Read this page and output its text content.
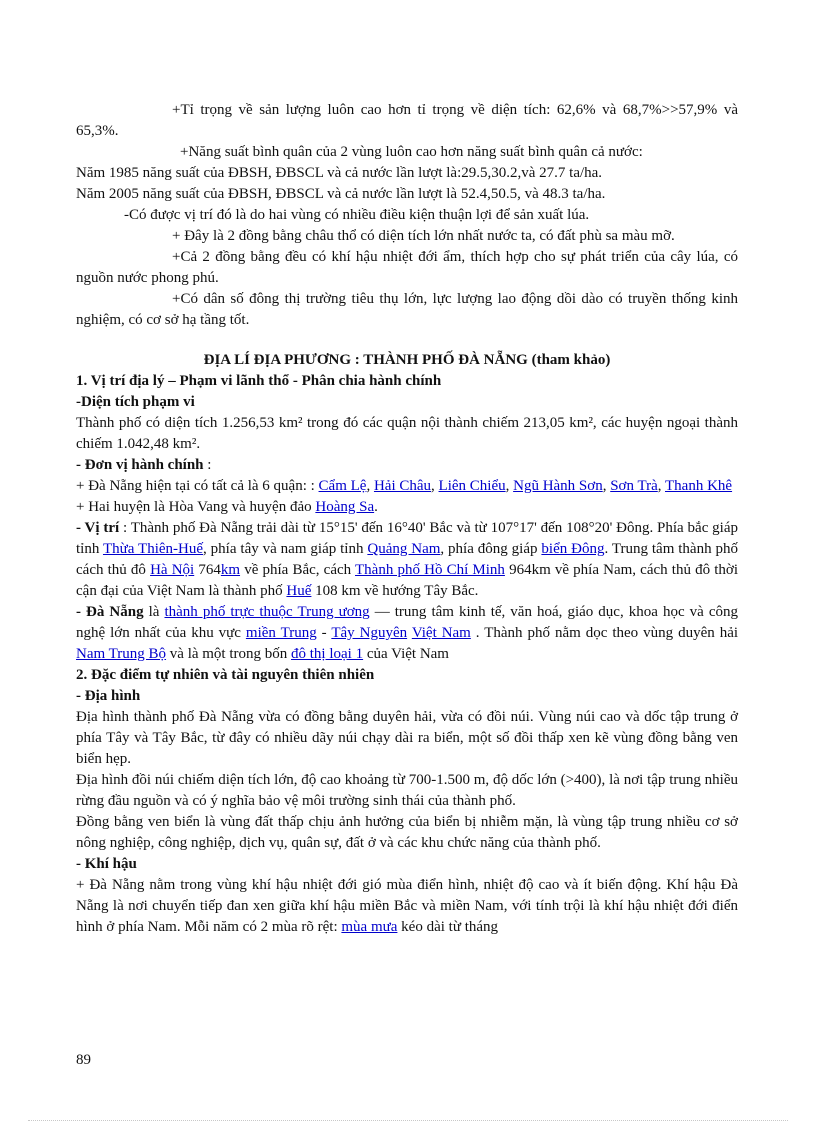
+Tỉ trọng về sản lượng luôn cao hơn tỉ trọng về diện tích: 62,6% và 68,7%>>57,9% và 65,3%.

+Năng suất bình quân của 2 vùng luôn cao hơn năng suất bình quân cả nước:

Năm 1985 năng suất của ĐBSH, ĐBSCL và cả nước lần lượt là:29.5,30.2,và 27.7 ta/ha.

Năm 2005 năng suất của ĐBSH, ĐBSCL và cả nước lần lượt là 52.4,50.5, và 48.3 ta/ha.

-Có được vị trí đó là do hai vùng có nhiều điều kiện thuận lợi để sản xuất lúa.

+ Đây là 2 đồng bằng châu thổ có diện tích lớn nhất nước ta, có đất phù sa màu mỡ.

+Cả 2 đồng bằng đều có khí hậu nhiệt đới ẩm, thích hợp cho sự phát triển của cây lúa, có nguồn nước phong phú.

+Có dân số đông thị trường tiêu thụ lớn, lực lượng lao động dồi dào có truyền thống kinh nghiệm, có cơ sở hạ tầng tốt.

ĐỊA LÍ ĐỊA PHƯƠNG : THÀNH PHỐ ĐÀ NẴNG (tham khảo)

1. Vị trí địa lý – Phạm vi lãnh thổ - Phân chia hành chính

-Diện tích phạm vi

Thành phố có diện tích 1.256,53 km² trong đó các quận nội thành chiếm 213,05 km², các huyện ngoại thành chiếm 1.042,48 km².

- Đơn vị hành chính :

+ Đà Nẵng hiện tại có tất cả là 6 quận: : Cẩm Lệ, Hải Châu, Liên Chiểu, Ngũ Hành Sơn, Sơn Trà, Thanh Khê

+ Hai huyện là Hòa Vang và huyện đảo Hoàng Sa.

- Vị trí : Thành phố Đà Nẵng trải dài từ 15°15' đến 16°40' Bắc và từ 107°17' đến 108°20' Đông. Phía bắc giáp tỉnh Thừa Thiên-Huế, phía tây và nam giáp tỉnh Quảng Nam, phía đông giáp biển Đông. Trung tâm thành phố cách thủ đô Hà Nội 764km về phía Bắc, cách Thành phố Hồ Chí Minh 964km về phía Nam, cách thủ đô thời cận đại của Việt Nam là thành phố Huế 108 km về hướng Tây Bắc.

- Đà Nẵng là thành phố trực thuộc Trung ương — trung tâm kinh tế, văn hoá, giáo dục, khoa học và công nghệ lớn nhất của khu vực miền Trung - Tây Nguyên Việt Nam . Thành phố nằm dọc theo vùng duyên hải Nam Trung Bộ và là một trong bốn đô thị loại 1 của Việt Nam

2. Đặc điểm tự nhiên và tài nguyên thiên nhiên

- Địa hình

Địa hình thành phố Đà Nẵng vừa có đồng bằng duyên hải, vừa có đồi núi. Vùng núi cao và dốc tập trung ở phía Tây và Tây Bắc, từ đây có nhiều dãy núi chạy dài ra biển, một số đồi thấp xen kẽ vùng đồng bằng ven biển hẹp.

Địa hình đồi núi chiếm diện tích lớn, độ cao khoảng từ 700-1.500 m, độ dốc lớn (>400), là nơi tập trung nhiều rừng đầu nguồn và có ý nghĩa bảo vệ môi trường sinh thái của thành phố.

Đồng bằng ven biển là vùng đất thấp chịu ảnh hưởng của biển bị nhiễm mặn, là vùng tập trung nhiều cơ sở nông nghiệp, công nghiệp, dịch vụ, quân sự, đất ở và các khu chức năng của thành phố.

- Khí hậu

+ Đà Nẵng nằm trong vùng khí hậu nhiệt đới gió mùa điển hình, nhiệt độ cao và ít biến động. Khí hậu Đà Nẵng là nơi chuyển tiếp đan xen giữa khí hậu miền Bắc và miền Nam, với tính trội là khí hậu nhiệt đới điển hình ở phía Nam. Mỗi năm có 2 mùa rõ rệt: mùa mưa kéo dài từ tháng

89
